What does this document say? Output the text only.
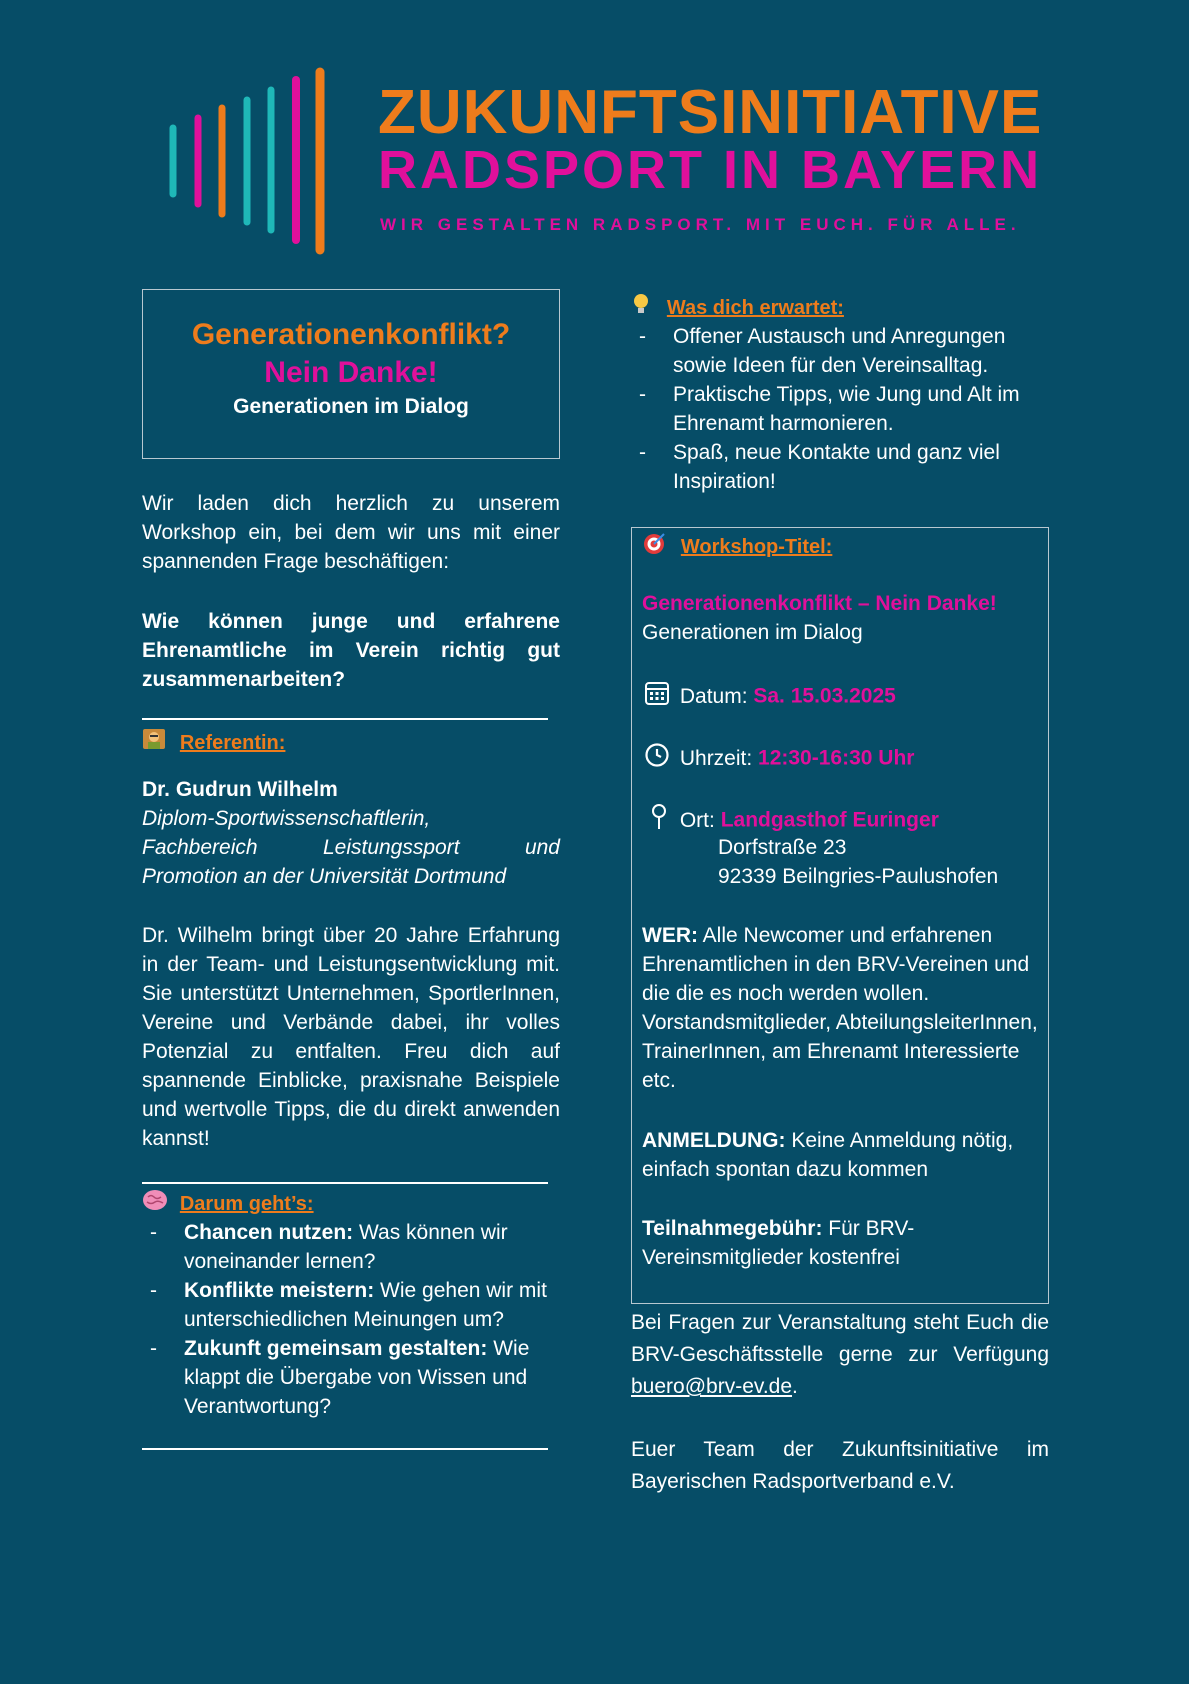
ZUKUNFTSINITIATIVE
RADSPORT IN BAYERN
WIR GESTALTEN RADSPORT. MIT EUCH. FÜR ALLE.
Generationenkonflikt?
Nein Danke!
Generationen im Dialog
Wir laden dich herzlich zu unserem Workshop ein, bei dem wir uns mit einer spannenden Frage beschäftigen:
Wie können junge und erfahrene Ehrenamtliche im Verein richtig gut zusammenarbeiten?
Referentin:
Dr. Gudrun Wilhelm
Diplom-Sportwissenschaftlerin,
Fachbereich Leistungssport und
Promotion an der Universität Dortmund
Dr. Wilhelm bringt über 20 Jahre Erfahrung in der Team- und Leistungsentwicklung mit. Sie unterstützt Unternehmen, SportlerInnen, Vereine und Verbände dabei, ihr volles Potenzial zu entfalten. Freu dich auf spannende Einblicke, praxisnahe Beispiele und wertvolle Tipps, die du direkt anwenden kannst!
Darum geht’s:
- Chancen nutzen: Was können wir voneinander lernen?
- Konflikte meistern: Wie gehen wir mit unterschiedlichen Meinungen um?
- Zukunft gemeinsam gestalten: Wie klappt die Übergabe von Wissen und Verantwortung?
Was dich erwartet:
- Offener Austausch und Anregungen sowie Ideen für den Vereinsalltag.
- Praktische Tipps, wie Jung und Alt im Ehrenamt harmonieren.
- Spaß, neue Kontakte und ganz viel Inspiration!
Workshop-Titel:
Generationenkonflikt – Nein Danke!
Generationen im Dialog
Datum: Sa. 15.03.2025
Uhrzeit: 12:30-16:30 Uhr
Ort: Landgasthof Euringer
Dorfstraße 23
92339 Beilngries-Paulushofen
WER: Alle Newcomer und erfahrenen Ehrenamtlichen in den BRV-Vereinen und die die es noch werden wollen. Vorstandsmitglieder, AbteilungsleiterInnen, TrainerInnen, am Ehrenamt Interessierte etc.
ANMELDUNG: Keine Anmeldung nötig, einfach spontan dazu kommen
Teilnahmegebühr: Für BRV-Vereinsmitglieder kostenfrei
Bei Fragen zur Veranstaltung steht Euch die BRV-Geschäftsstelle gerne zur Verfügung buero@brv-ev.de.
Euer Team der Zukunftsinitiative im Bayerischen Radsportverband e.V.
